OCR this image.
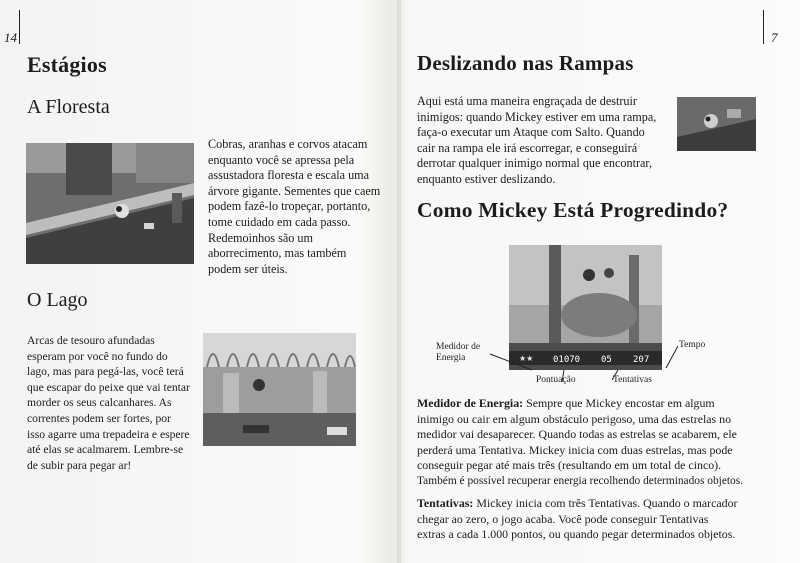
14
Estágios
A Floresta
Cobras, aranhas e corvos atacam
enquanto você se apressa pela
assustadora floresta e escala uma
árvore gigante. Sementes que caem
podem fazê-lo tropeçar, portanto,
tome cuidado em cada passo.
Redemoinhos são um
aborrecimento, mas também
podem ser úteis.
O Lago
Arcas de tesouro afundadas
esperam por você no fundo do
lago, mas para pegá-las, você terá
que escapar do peixe que vai tentar
morder os seus calcanhares. As
correntes podem ser fortes, por
isso agarre uma trepadeira e espere
até elas se acalmarem. Lembre-se
de subir para pegar ar!
7
Deslizando nas Rampas
Aqui está uma maneira engraçada de destruir
inimigos: quando Mickey estiver em uma rampa,
faça-o executar um Ataque com Salto. Quando
cair na rampa ele irá escorregar, e conseguirá
derrotar qualquer inimigo normal que encontrar,
enquanto estiver deslizando.
Como Mickey Está Progredindo?
★★ 01070 05 207
Medidor de Energia
Tempo
Pontuação	Tentativas
Medidor de Energia: Sempre que Mickey encostar em algum
inimigo ou cair em algum obstáculo perigoso, uma das estrelas no
medidor vai desaparecer. Quando todas as estrelas se acabarem, ele
perderá uma Tentativa. Mickey inicia com duas estrelas, mas pode
conseguir pegar até mais três (resultando em um total de cinco).
Também é possível recuperar energia recolhendo determinados objetos.
Tentativas: Mickey inicia com três Tentativas. Quando o marcador
chegar ao zero, o jogo acaba. Você pode conseguir Tentativas
extras a cada 1.000 pontos, ou quando pegar determinados objetos.
